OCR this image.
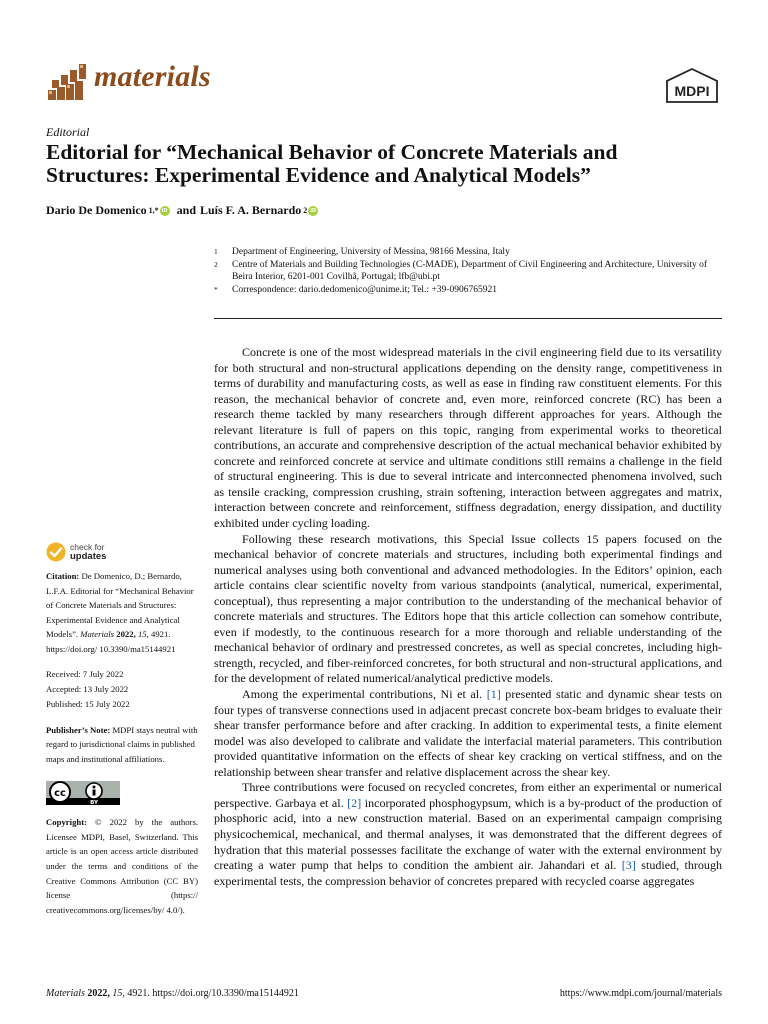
materials	MDPI
Editorial
Editorial for “Mechanical Behavior of Concrete Materials and Structures: Experimental Evidence and Analytical Models”
Dario De Domenico 1,*
iD and Luís F. A. Bernardo 2
iD
1	Department of Engineering, University of Messina, 98166 Messina, Italy
2	Centre of Materials and Building Technologies (C-MADE), Department of Civil Engineering and Architecture, University of Beira Interior, 6201-001 Covilhã, Portugal; lfb@ubi.pt
*	Correspondence: dario.dedomenico@unime.it; Tel.: +39-0906765921
check for
updates

Citation: De Domenico, D.; Bernardo, L.F.A. Editorial for “Mechanical Behavior of Concrete Materials and Structures: Experimental Evidence and Analytical Models”. Materials 2022, 15, 4921. https://doi.org/ 10.3390/ma15144921

Received: 7 July 2022
Accepted: 13 July 2022
Published: 15 July 2022

Publisher’s Note: MDPI stays neutral with regard to jurisdictional claims in published maps and institutional affiliations.

cc
BY

Copyright: © 2022 by the authors. Licensee MDPI, Basel, Switzerland. This article is an open access article distributed under the terms and conditions of the Creative Commons Attribution (CC BY) license (https:// creativecommons.org/licenses/by/ 4.0/).

Concrete is one of the most widespread materials in the civil engineering field due to its versatility for both structural and non-structural applications depending on the density range, competitiveness in terms of durability and manufacturing costs, as well as ease in finding raw constituent elements. For this reason, the mechanical behavior of concrete and, even more, reinforced concrete (RC) has been a research theme tackled by many researchers through different approaches for years. Although the relevant literature is full of papers on this topic, ranging from experimental works to theoretical contributions, an accurate and comprehensive description of the actual mechanical behavior exhibited by concrete and reinforced concrete at service and ultimate conditions still remains a challenge in the field of structural engineering. This is due to several intricate and interconnected phenomena involved, such as tensile cracking, compression crushing, strain softening, interaction between aggregates and matrix, interaction between concrete and reinforcement, stiffness degradation, energy dissipation, and ductility exhibited under cycling loading.

Following these research motivations, this Special Issue collects 15 papers focused on the mechanical behavior of concrete materials and structures, including both experimental findings and numerical analyses using both conventional and advanced methodologies. In the Editors’ opinion, each article contains clear scientific novelty from various standpoints (analytical, numerical, experimental, conceptual), thus representing a major contribution to the understanding of the mechanical behavior of concrete materials and structures. The Editors hope that this article collection can somehow contribute, even if modestly, to the continuous research for a more thorough and reliable understanding of the mechanical behavior of ordinary and prestressed concretes, as well as special concretes, including high-strength, recycled, and fiber-reinforced concretes, for both structural and non-structural applications, and for the development of related numerical/analytical predictive models.

Among the experimental contributions, Ni et al. [1] presented static and dynamic shear tests on four types of transverse connections used in adjacent precast concrete box-beam bridges to evaluate their shear transfer performance before and after cracking. In addition to experimental tests, a finite element model was also developed to calibrate and validate the interfacial material parameters. This contribution provided quantitative information on the effects of shear key cracking on vertical stiffness, and on the relationship between shear transfer and relative displacement across the shear key.

Three contributions were focused on recycled concretes, from either an experimental or numerical perspective. Garbaya et al. [2] incorporated phosphogypsum, which is a by-product of the production of phosphoric acid, into a new construction material. Based on an experimental campaign comprising physicochemical, mechanical, and thermal analyses, it was demonstrated that the different degrees of hydration that this material possesses facilitate the exchange of water with the external environment by creating a water pump that helps to condition the ambient air. Jahandari et al. [3] studied, through experimental tests, the compression behavior of concretes prepared with recycled coarse aggregates

Materials 2022, 15, 4921. https://doi.org/10.3390/ma15144921	https://www.mdpi.com/journal/materials
